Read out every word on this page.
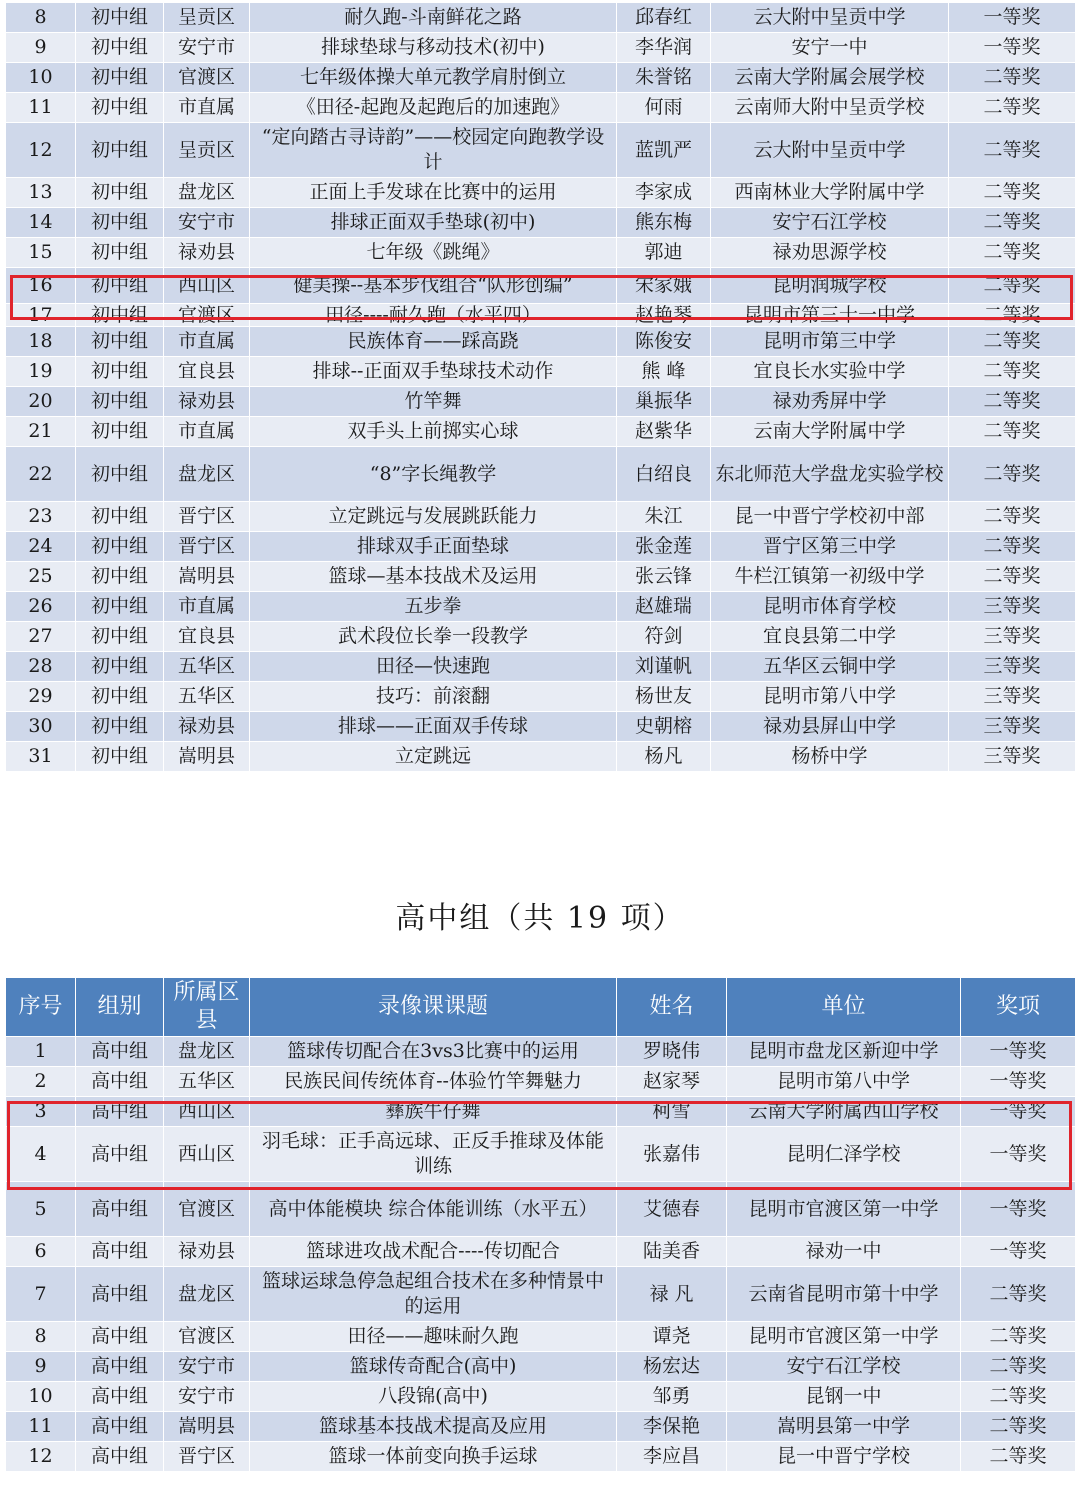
8	初中组	呈贡区	耐久跑-斗南鲜花之路	邱春红	云大附中呈贡中学	一等奖
9	初中组	安宁市	排球垫球与移动技术(初中)	李华润	安宁一中	一等奖
10	初中组	官渡区	七年级体操大单元教学肩肘倒立	朱誉铭	云南大学附属会展学校	二等奖
11	初中组	市直属	《田径-起跑及起跑后的加速跑》	何雨	云南师大附中呈贡学校	二等奖
12	初中组	呈贡区	“定向踏古寻诗韵”——校园定向跑教学设计	蓝凯严	云大附中呈贡中学	二等奖
13	初中组	盘龙区	正面上手发球在比赛中的运用	李家成	西南林业大学附属中学	二等奖
14	初中组	安宁市	排球正面双手垫球(初中)	熊东梅	安宁石江学校	二等奖
15	初中组	禄劝县	七年级《跳绳》	郭迪	禄劝思源学校	二等奖
16	初中组	西山区	健美操--基本步伐组合“队形创编”	宋家娥	昆明润城学校	二等奖
17	初中组	官渡区	田径----耐久跑（水平四）	赵艳琴	昆明市第三十一中学	二等奖
18	初中组	市直属	民族体育——踩高跷	陈俊安	昆明市第三中学	二等奖
19	初中组	宜良县	排球--正面双手垫球技术动作	熊 峰	宜良长水实验中学	二等奖
20	初中组	禄劝县	竹竿舞	巢振华	禄劝秀屏中学	二等奖
21	初中组	市直属	双手头上前掷实心球	赵紫华	云南大学附属中学	二等奖
22	初中组	盘龙区	“8”字长绳教学	白绍良	东北师范大学盘龙实验学校	二等奖
23	初中组	晋宁区	立定跳远与发展跳跃能力	朱江	昆一中晋宁学校初中部	二等奖
24	初中组	晋宁区	排球双手正面垫球	张金莲	晋宁区第三中学	二等奖
25	初中组	嵩明县	篮球—基本技战术及运用	张云锋	牛栏江镇第一初级中学	二等奖
26	初中组	市直属	五步拳	赵雄瑞	昆明市体育学校	三等奖
27	初中组	宜良县	武术段位长拳一段教学	符剑	宜良县第二中学	三等奖
28	初中组	五华区	田径—快速跑	刘谨帆	五华区云铜中学	三等奖
29	初中组	五华区	技巧：前滚翻	杨世友	昆明市第八中学	三等奖
30	初中组	禄劝县	排球——正面双手传球	史朝榕	禄劝县屏山中学	三等奖
31	初中组	嵩明县	立定跳远	杨凡	杨桥中学	三等奖
高中组（共 19 项）
序号	组别	所属区县	录像课课题	姓名	单位	奖项
1	高中组	盘龙区	篮球传切配合在3vs3比赛中的运用	罗晓伟	昆明市盘龙区新迎中学	一等奖
2	高中组	五华区	民族民间传统体育--体验竹竿舞魅力	赵家琴	昆明市第八中学	一等奖
3	高中组	西山区	彝族牛仔舞	柯雪	云南大学附属西山学校	一等奖
4	高中组	西山区	羽毛球：正手高远球、正反手推球及体能训练	张嘉伟	昆明仁泽学校	一等奖
5	高中组	官渡区	高中体能模块 综合体能训练（水平五）	艾德春	昆明市官渡区第一中学	一等奖
6	高中组	禄劝县	篮球进攻战术配合----传切配合	陆美香	禄劝一中	一等奖
7	高中组	盘龙区	篮球运球急停急起组合技术在多种情景中的运用	禄 凡	云南省昆明市第十中学	二等奖
8	高中组	官渡区	田径——趣味耐久跑	谭尧	昆明市官渡区第一中学	二等奖
9	高中组	安宁市	篮球传奇配合(高中)	杨宏达	安宁石江学校	二等奖
10	高中组	安宁市	八段锦(高中)	邹勇	昆钢一中	二等奖
11	高中组	嵩明县	篮球基本技战术提高及应用	李保艳	嵩明县第一中学	二等奖
12	高中组	晋宁区	篮球一体前变向换手运球	李应昌	昆一中晋宁学校	二等奖
